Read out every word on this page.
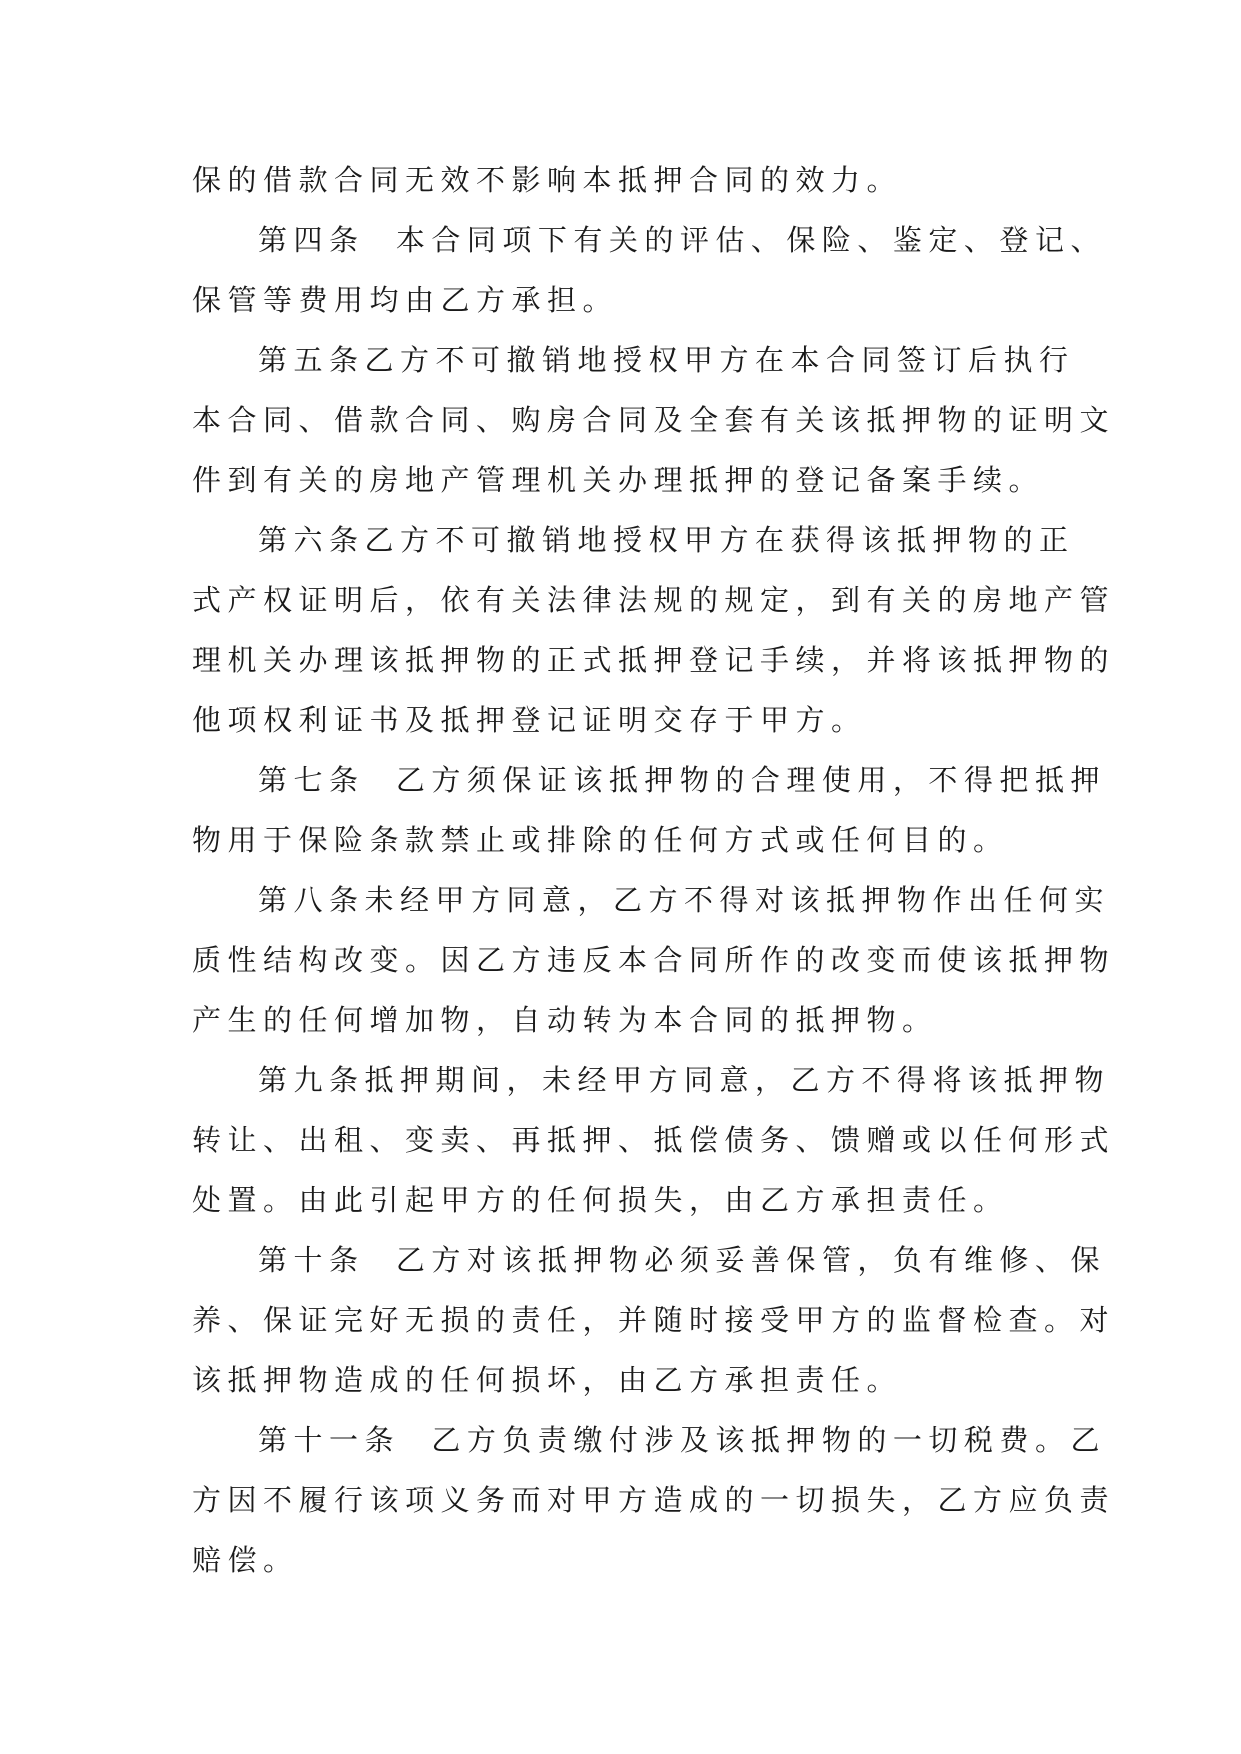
保的借款合同无效不影响本抵押合同的效力。
第四条  本合同项下有关的评估、保险、鉴定、登记、
保管等费用均由乙方承担。
第五条乙方不可撤销地授权甲方在本合同签订后执行
本合同、借款合同、购房合同及全套有关该抵押物的证明文
件到有关的房地产管理机关办理抵押的登记备案手续。
第六条乙方不可撤销地授权甲方在获得该抵押物的正
式产权证明后，依有关法律法规的规定，到有关的房地产管
理机关办理该抵押物的正式抵押登记手续，并将该抵押物的
他项权利证书及抵押登记证明交存于甲方。
第七条  乙方须保证该抵押物的合理使用，不得把抵押
物用于保险条款禁止或排除的任何方式或任何目的。
第八条未经甲方同意，乙方不得对该抵押物作出任何实
质性结构改变。因乙方违反本合同所作的改变而使该抵押物
产生的任何增加物，自动转为本合同的抵押物。
第九条抵押期间，未经甲方同意，乙方不得将该抵押物
转让、出租、变卖、再抵押、抵偿债务、馈赠或以任何形式
处置。由此引起甲方的任何损失，由乙方承担责任。
第十条  乙方对该抵押物必须妥善保管，负有维修、保
养、保证完好无损的责任，并随时接受甲方的监督检查。对
该抵押物造成的任何损坏，由乙方承担责任。
第十一条  乙方负责缴付涉及该抵押物的一切税费。乙
方因不履行该项义务而对甲方造成的一切损失，乙方应负责
赔偿。
